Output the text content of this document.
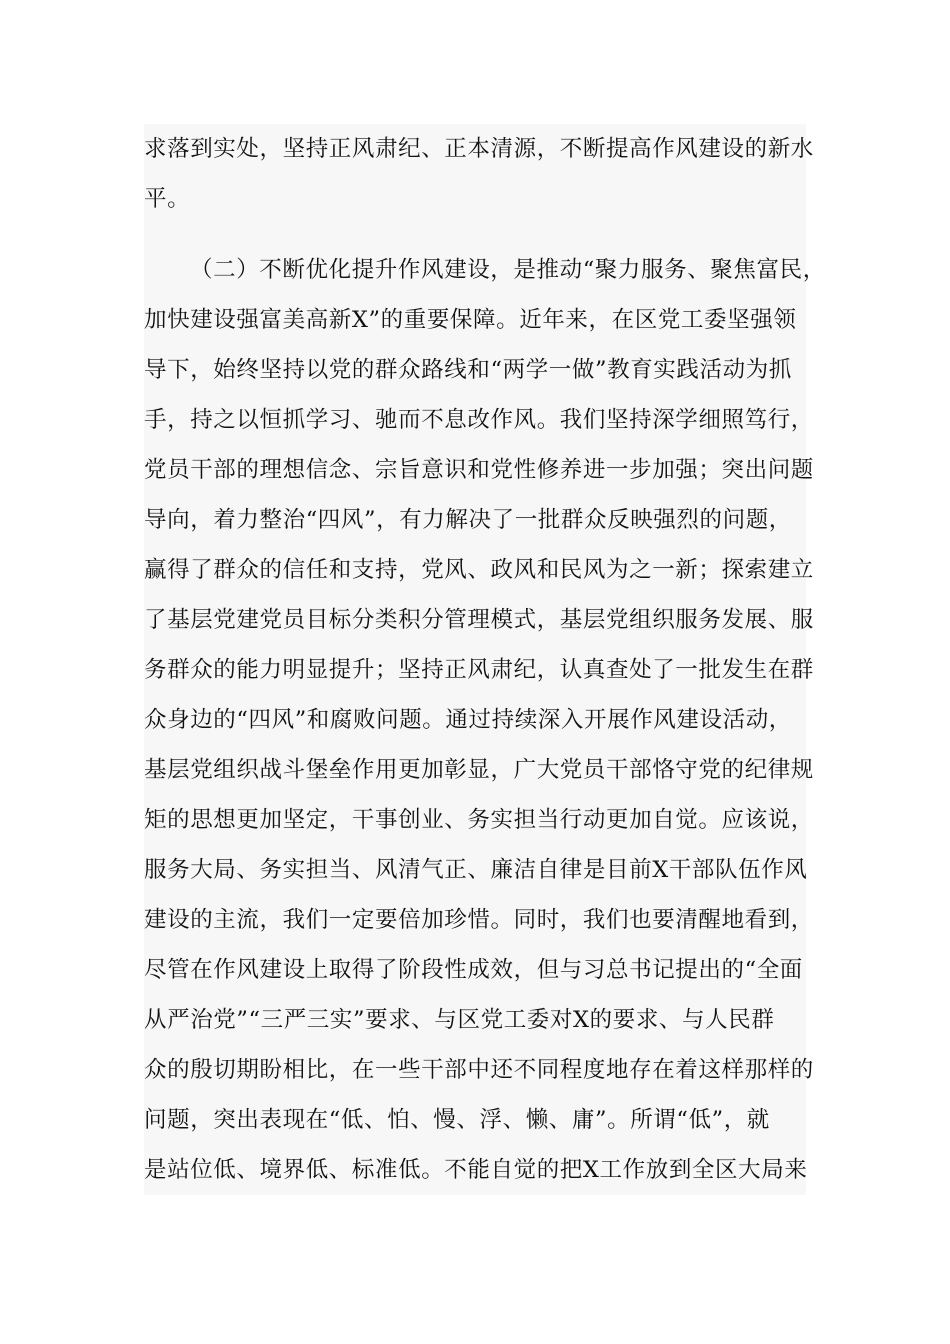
求落到实处，坚持正风肃纪、正本清源，不断提高作风建设的新水
平。
（二）不断优化提升作风建设，是推动“聚力服务、聚焦富民，
加快建设强富美高新X”的重要保障。近年来，在区党工委坚强领
导下，始终坚持以党的群众路线和“两学一做”教育实践活动为抓
手，持之以恒抓学习、驰而不息改作风。我们坚持深学细照笃行，
党员干部的理想信念、宗旨意识和党性修养进一步加强；突出问题
导向，着力整治“四风”，有力解决了一批群众反映强烈的问题，
赢得了群众的信任和支持，党风、政风和民风为之一新；探索建立
了基层党建党员目标分类积分管理模式，基层党组织服务发展、服
务群众的能力明显提升；坚持正风肃纪，认真查处了一批发生在群
众身边的“四风”和腐败问题。通过持续深入开展作风建设活动，
基层党组织战斗堡垒作用更加彰显，广大党员干部恪守党的纪律规
矩的思想更加坚定，干事创业、务实担当行动更加自觉。应该说，
服务大局、务实担当、风清气正、廉洁自律是目前X干部队伍作风
建设的主流，我们一定要倍加珍惜。同时，我们也要清醒地看到，
尽管在作风建设上取得了阶段性成效，但与习总书记提出的“全面
从严治党”“三严三实”要求、与区党工委对X的要求、与人民群
众的殷切期盼相比，在一些干部中还不同程度地存在着这样那样的
问题，突出表现在“低、怕、慢、浮、懒、庸”。所谓“低”，就
是站位低、境界低、标准低。不能自觉的把X工作放到全区大局来
